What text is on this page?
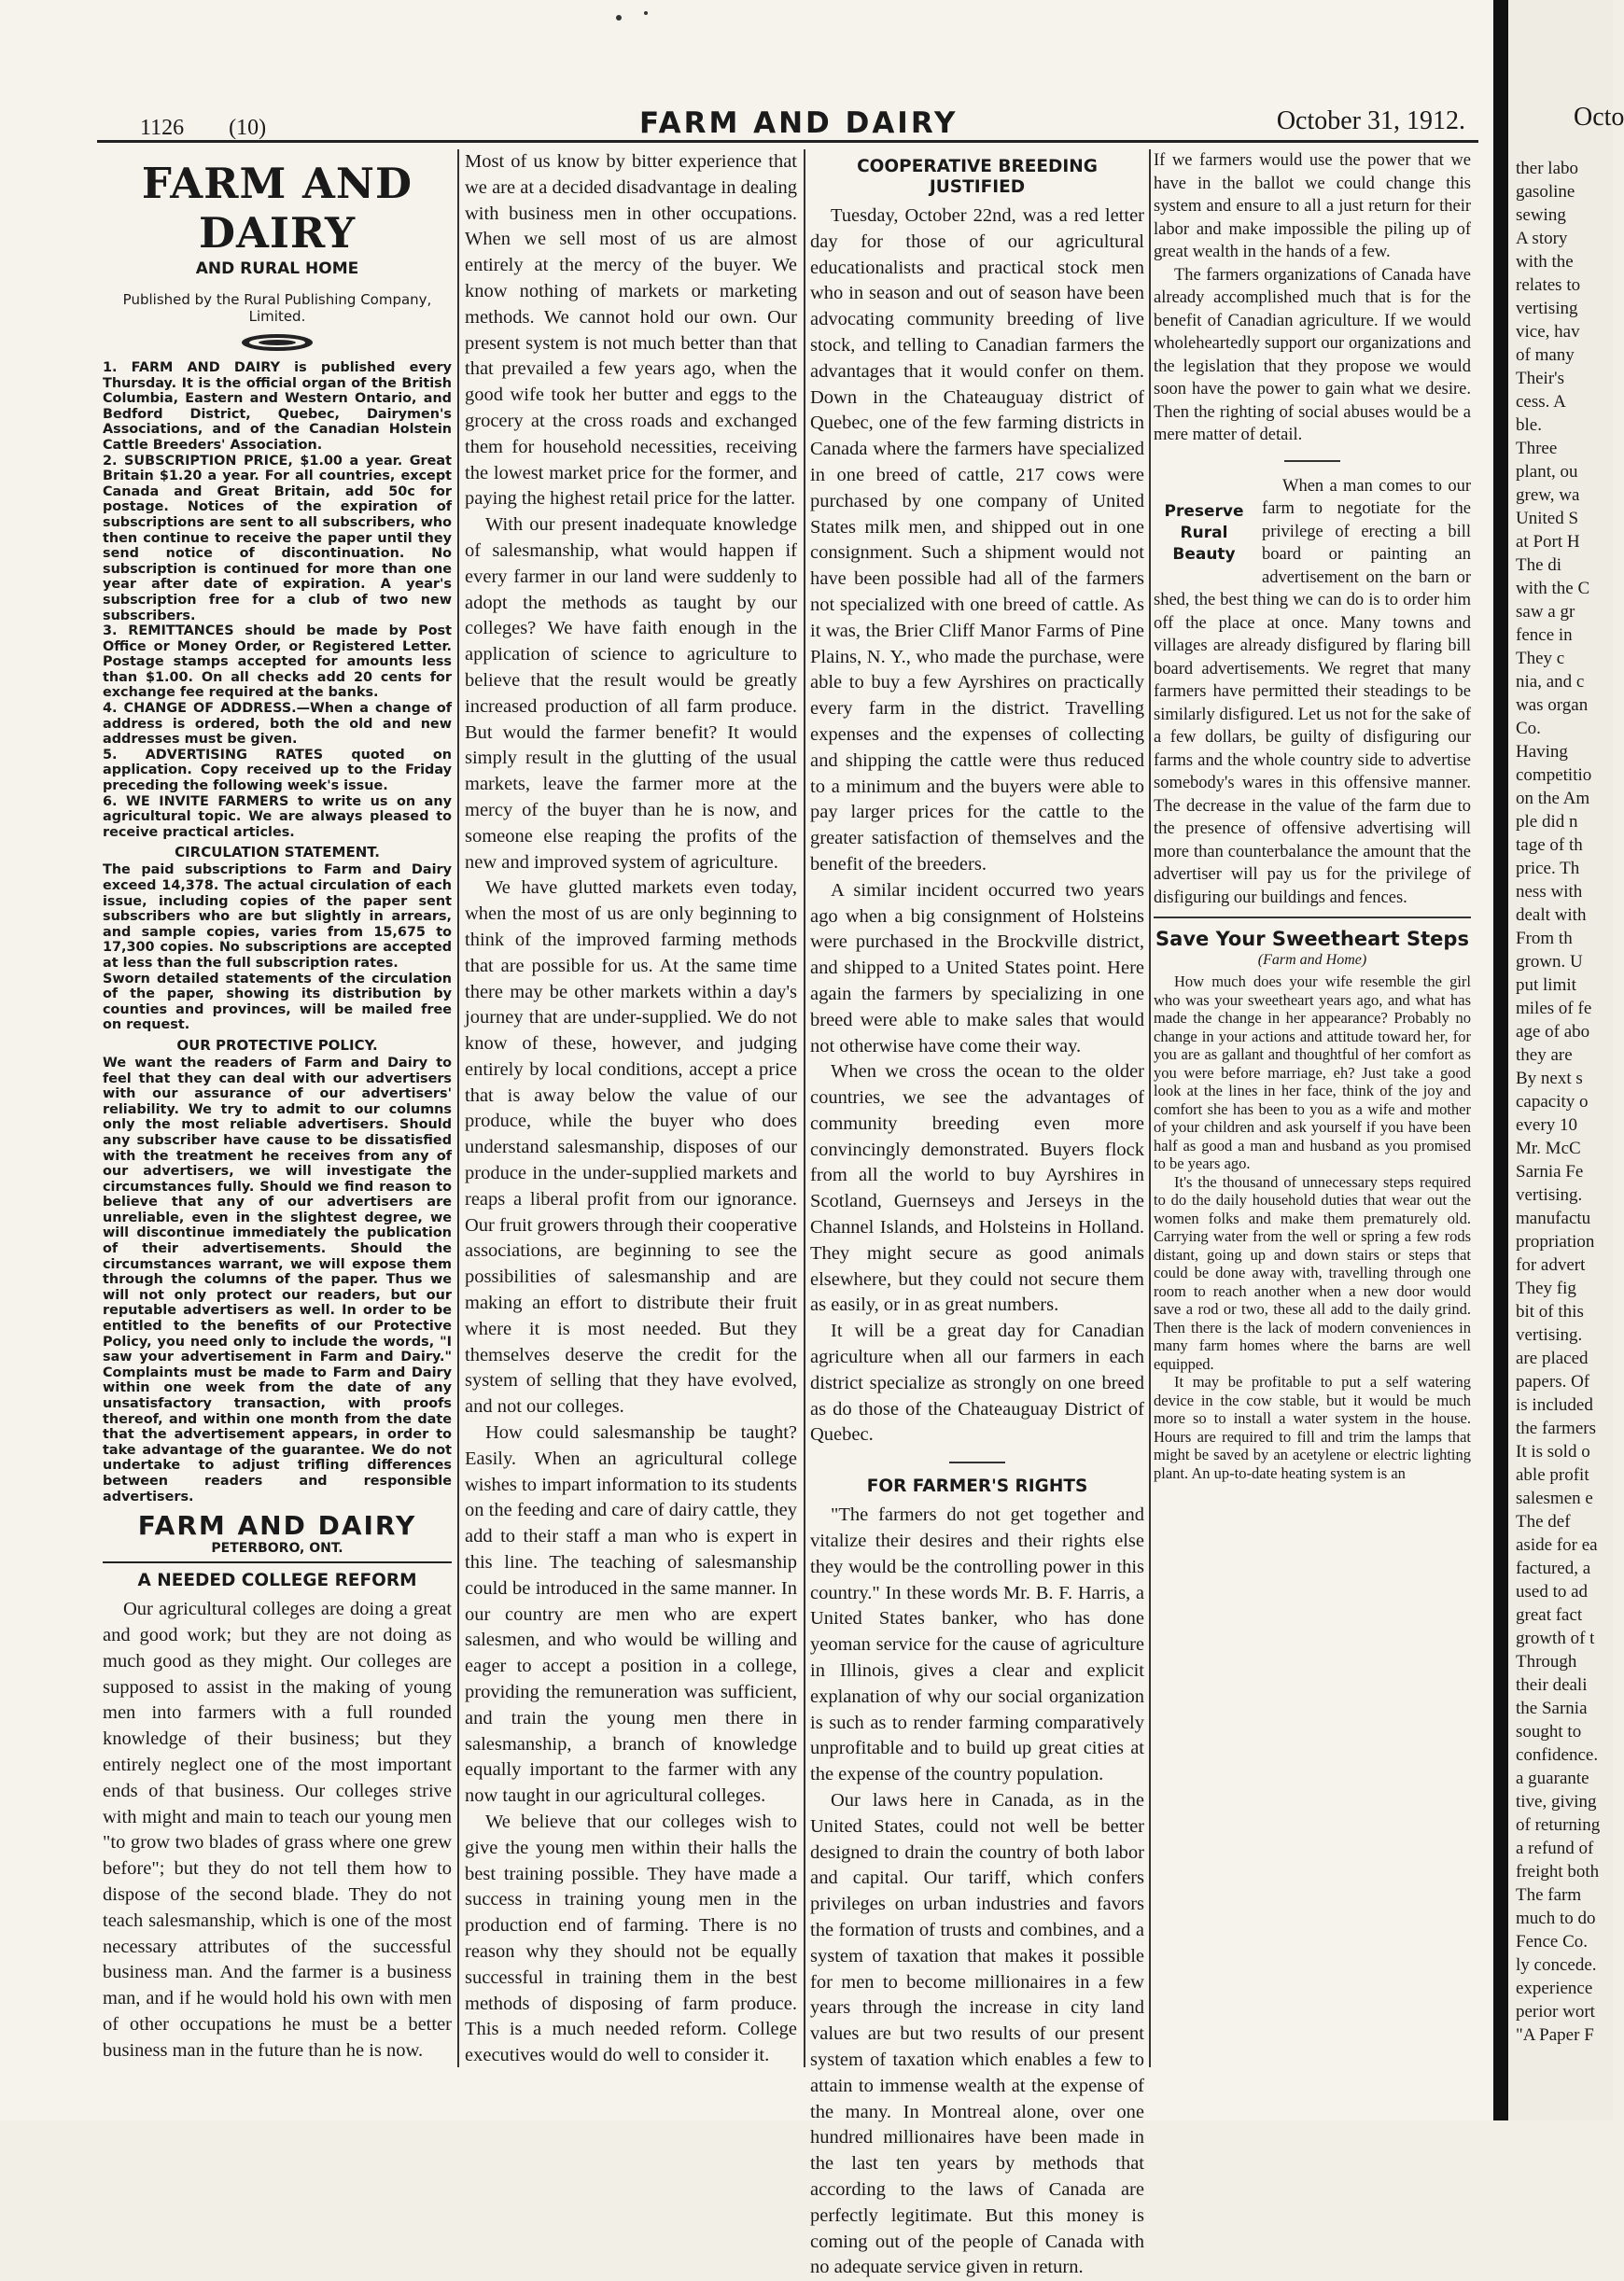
1126        (10)	FARM AND DAIRY	October 31, 1912.
FARM AND DAIRY
AND RURAL HOME
Published by the Rural Publishing Company, Limited.

1. FARM AND DAIRY is published every Thursday. It is the official organ of the British Columbia, Eastern and Western Ontario, and Bedford District, Quebec, Dairymen's Associations, and of the Canadian Holstein Cattle Breeders' Association.

2. SUBSCRIPTION PRICE, $1.00 a year. Great Britain $1.20 a year. For all countries, except Canada and Great Britain, add 50c for postage. Notices of the expiration of subscriptions are sent to all subscribers, who then continue to receive the paper until they send notice of discontinuation. No subscription is continued for more than one year after date of expiration. A year's subscription free for a club of two new subscribers.

3. REMITTANCES should be made by Post Office or Money Order, or Registered Letter. Postage stamps accepted for amounts less than $1.00. On all checks add 20 cents for exchange fee required at the banks.

4. CHANGE OF ADDRESS.—When a change of address is ordered, both the old and new addresses must be given.

5. ADVERTISING RATES quoted on application. Copy received up to the Friday preceding the following week's issue.

6. WE INVITE FARMERS to write us on any agricultural topic. We are always pleased to receive practical articles.

CIRCULATION STATEMENT.

The paid subscriptions to Farm and Dairy exceed 14,378. The actual circulation of each issue, including copies of the paper sent subscribers who are but slightly in arrears, and sample copies, varies from 15,675 to 17,300 copies. No subscriptions are accepted at less than the full subscription rates.

Sworn detailed statements of the circulation of the paper, showing its distribution by counties and provinces, will be mailed free on request.

OUR PROTECTIVE POLICY.

We want the readers of Farm and Dairy to feel that they can deal with our advertisers with our assurance of our advertisers' reliability. We try to admit to our columns only the most reliable advertisers. Should any subscriber have cause to be dissatisfied with the treatment he receives from any of our advertisers, we will investigate the circumstances fully. Should we find reason to believe that any of our advertisers are unreliable, even in the slightest degree, we will discontinue immediately the publication of their advertisements. Should the circumstances warrant, we will expose them through the columns of the paper. Thus we will not only protect our readers, but our reputable advertisers as well. In order to be entitled to the benefits of our Protective Policy, you need only to include the words, "I saw your advertisement in Farm and Dairy." Complaints must be made to Farm and Dairy within one week from the date of any unsatisfactory transaction, with proofs thereof, and within one month from the date that the advertisement appears, in order to take advantage of the guarantee. We do not undertake to adjust trifling differences between readers and responsible advertisers.

FARM AND DAIRY
PETERBORO, ONT.
A NEEDED COLLEGE REFORM

Our agricultural colleges are doing a great and good work; but they are not doing as much good as they might. Our colleges are supposed to assist in the making of young men into farmers with a full rounded knowledge of their business; but they entirely neglect one of the most important ends of that business. Our colleges strive with might and main to teach our young men "to grow two blades of grass where one grew before"; but they do not tell them how to dispose of the second blade. They do not teach salesmanship, which is one of the most necessary attributes of the successful business man. And the farmer is a business man, and if he would hold his own with men of other occupations he must be a better business man in the future than he is now.

Most of us know by bitter experience that we are at a decided disadvantage in dealing with business men in other occupations. When we sell most of us are almost entirely at the mercy of the buyer. We know nothing of markets or marketing methods. We cannot hold our own. Our present system is not much better than that that prevailed a few years ago, when the good wife took her butter and eggs to the grocery at the cross roads and exchanged them for household necessities, receiving the lowest market price for the former, and paying the highest retail price for the latter.

With our present inadequate knowledge of salesmanship, what would happen if every farmer in our land were suddenly to adopt the methods as taught by our colleges? We have faith enough in the application of science to agriculture to believe that the result would be greatly increased production of all farm produce. But would the farmer benefit? It would simply result in the glutting of the usual markets, leave the farmer more at the mercy of the buyer than he is now, and someone else reaping the profits of the new and improved system of agriculture.

We have glutted markets even today, when the most of us are only beginning to think of the improved farming methods that are possible for us. At the same time there may be other markets within a day's journey that are under-supplied. We do not know of these, however, and judging entirely by local conditions, accept a price that is away below the value of our produce, while the buyer who does understand salesmanship, disposes of our produce in the under-supplied markets and reaps a liberal profit from our ignorance. Our fruit growers through their cooperative associations, are beginning to see the possibilities of salesmanship and are making an effort to distribute their fruit where it is most needed. But they themselves deserve the credit for the system of selling that they have evolved, and not our colleges.

How could salesmanship be taught? Easily. When an agricultural college wishes to impart information to its students on the feeding and care of dairy cattle, they add to their staff a man who is expert in this line. The teaching of salesmanship could be introduced in the same manner. In our country are men who are expert salesmen, and who would be willing and eager to accept a position in a college, providing the remuneration was sufficient, and train the young men there in salesmanship, a branch of knowledge equally important to the farmer with any now taught in our agricultural colleges.

We believe that our colleges wish to give the young men within their halls the best training possible. They have made a success in training young men in the production end of farming. There is no reason why they should not be equally successful in training them in the best methods of disposing of farm produce. This is a much needed reform. College executives would do well to consider it.

COOPERATIVE BREEDING JUSTIFIED

Tuesday, October 22nd, was a red letter day for those of our agricultural educationalists and practical stock men who in season and out of season have been advocating community breeding of live stock, and telling to Canadian farmers the advantages that it would confer on them. Down in the Chateauguay district of Quebec, one of the few farming districts in Canada where the farmers have specialized in one breed of cattle, 217 cows were purchased by one company of United States milk men, and shipped out in one consignment. Such a shipment would not have been possible had all of the farmers not specialized with one breed of cattle. As it was, the Brier Cliff Manor Farms of Pine Plains, N. Y., who made the purchase, were able to buy a few Ayrshires on practically every farm in the district. Travelling expenses and the expenses of collecting and shipping the cattle were thus reduced to a minimum and the buyers were able to pay larger prices for the cattle to the greater satisfaction of themselves and the benefit of the breeders.

A similar incident occurred two years ago when a big consignment of Holsteins were purchased in the Brockville district, and shipped to a United States point. Here again the farmers by specializing in one breed were able to make sales that would not otherwise have come their way.

When we cross the ocean to the older countries, we see the advantages of community breeding even more convincingly demonstrated. Buyers flock from all the world to buy Ayrshires in Scotland, Guernseys and Jerseys in the Channel Islands, and Holsteins in Holland. They might secure as good animals elsewhere, but they could not secure them as easily, or in as great numbers.

It will be a great day for Canadian agriculture when all our farmers in each district specialize as strongly on one breed as do those of the Chateauguay District of Quebec.

FOR FARMER'S RIGHTS

"The farmers do not get together and vitalize their desires and their rights else they would be the controlling power in this country." In these words Mr. B. F. Harris, a United States banker, who has done yeoman service for the cause of agriculture in Illinois, gives a clear and explicit explanation of why our social organization is such as to render farming comparatively unprofitable and to build up great cities at the expense of the country population.

Our laws here in Canada, as in the United States, could not well be better designed to drain the country of both labor and capital. Our tariff, which confers privileges on urban industries and favors the formation of trusts and combines, and a system of taxation that makes it possible for men to become millionaires in a few years through the increase in city land values are but two results of our present system of taxation which enables a few to attain to immense wealth at the expense of the many. In Montreal alone, over one hundred millionaires have been made in the last ten years by methods that according to the laws of Canada are perfectly legitimate. But this money is coming out of the people of Canada with no adequate service given in return.

If we farmers would use the power that we have in the ballot we could change this system and ensure to all a just return for their labor and make impossible the piling up of great wealth in the hands of a few.

The farmers organizations of Canada have already accomplished much that is for the benefit of Canadian agriculture. If we would wholeheartedly support our organizations and the legislation that they propose we would soon have the power to gain what we desire. Then the righting of social abuses would be a mere matter of detail.

Preserve Rural Beauty

When a man comes to our farm to negotiate for the privilege of erecting a bill board or painting an advertisement on the barn or shed, the best thing we can do is to order him off the place at once. Many towns and villages are already disfigured by flaring bill board advertisements. We regret that many farmers have permitted their steadings to be similarly disfigured. Let us not for the sake of a few dollars, be guilty of disfiguring our farms and the whole country side to advertise somebody's wares in this offensive manner. The decrease in the value of the farm due to the presence of offensive advertising will more than counterbalance the amount that the advertiser will pay us for the privilege of disfiguring our buildings and fences.

Save Your Sweetheart Steps
(Farm and Home)

How much does your wife resemble the girl who was your sweetheart years ago, and what has made the change in her appearance? Probably no change in your actions and attitude toward her, for you are as gallant and thoughtful of her comfort as you were before marriage, eh? Just take a good look at the lines in her face, think of the joy and comfort she has been to you as a wife and mother of your children and ask yourself if you have been half as good a man and husband as you promised to be years ago.

It's the thousand of unnecessary steps required to do the daily household duties that wear out the women folks and make them prematurely old. Carrying water from the well or spring a few rods distant, going up and down stairs or steps that could be done away with, travelling through one room to reach another when a new door would save a rod or two, these all add to the daily grind. Then there is the lack of modern conveniences in many farm homes where the barns are well equipped.

It may be profitable to put a self watering device in the cow stable, but it would be much more so to install a water system in the house. Hours are required to fill and trim the lamps that might be saved by an acetylene or electric lighting plant. An up-to-date heating system is an

Octo
ther labo
gasoline
sewing
A story
with the
relates to
vertising
vice, hav
of many
Their's
cess. A
ble.
Three
plant, ou
grew, wa
United S
at Port H
The di
with the C
saw a gr
fence in
They c
nia, and c
was organ
Co.
Having
competitio
on the Am
ple did n
tage of th
price. Th
ness with
dealt with
From th
grown. U
put limit
miles of fe
age of abo
they are
By next s
capacity o
every 10
Mr. McC
Sarnia Fe
vertising.
manufactu
propriation
for advert
They fig
bit of this
vertising.
are placed
papers. Of
is included
the farmers
It is sold o
able profit
salesmen e
The def
aside for ea
factured, a
used to ad
great fact
growth of t
Through
their deali
the Sarnia
sought to
confidence.
a guarante
tive, giving
of returning
a refund of
freight both
The farm
much to do
Fence Co.
ly concede.
experience
perior wort
"A Paper F
